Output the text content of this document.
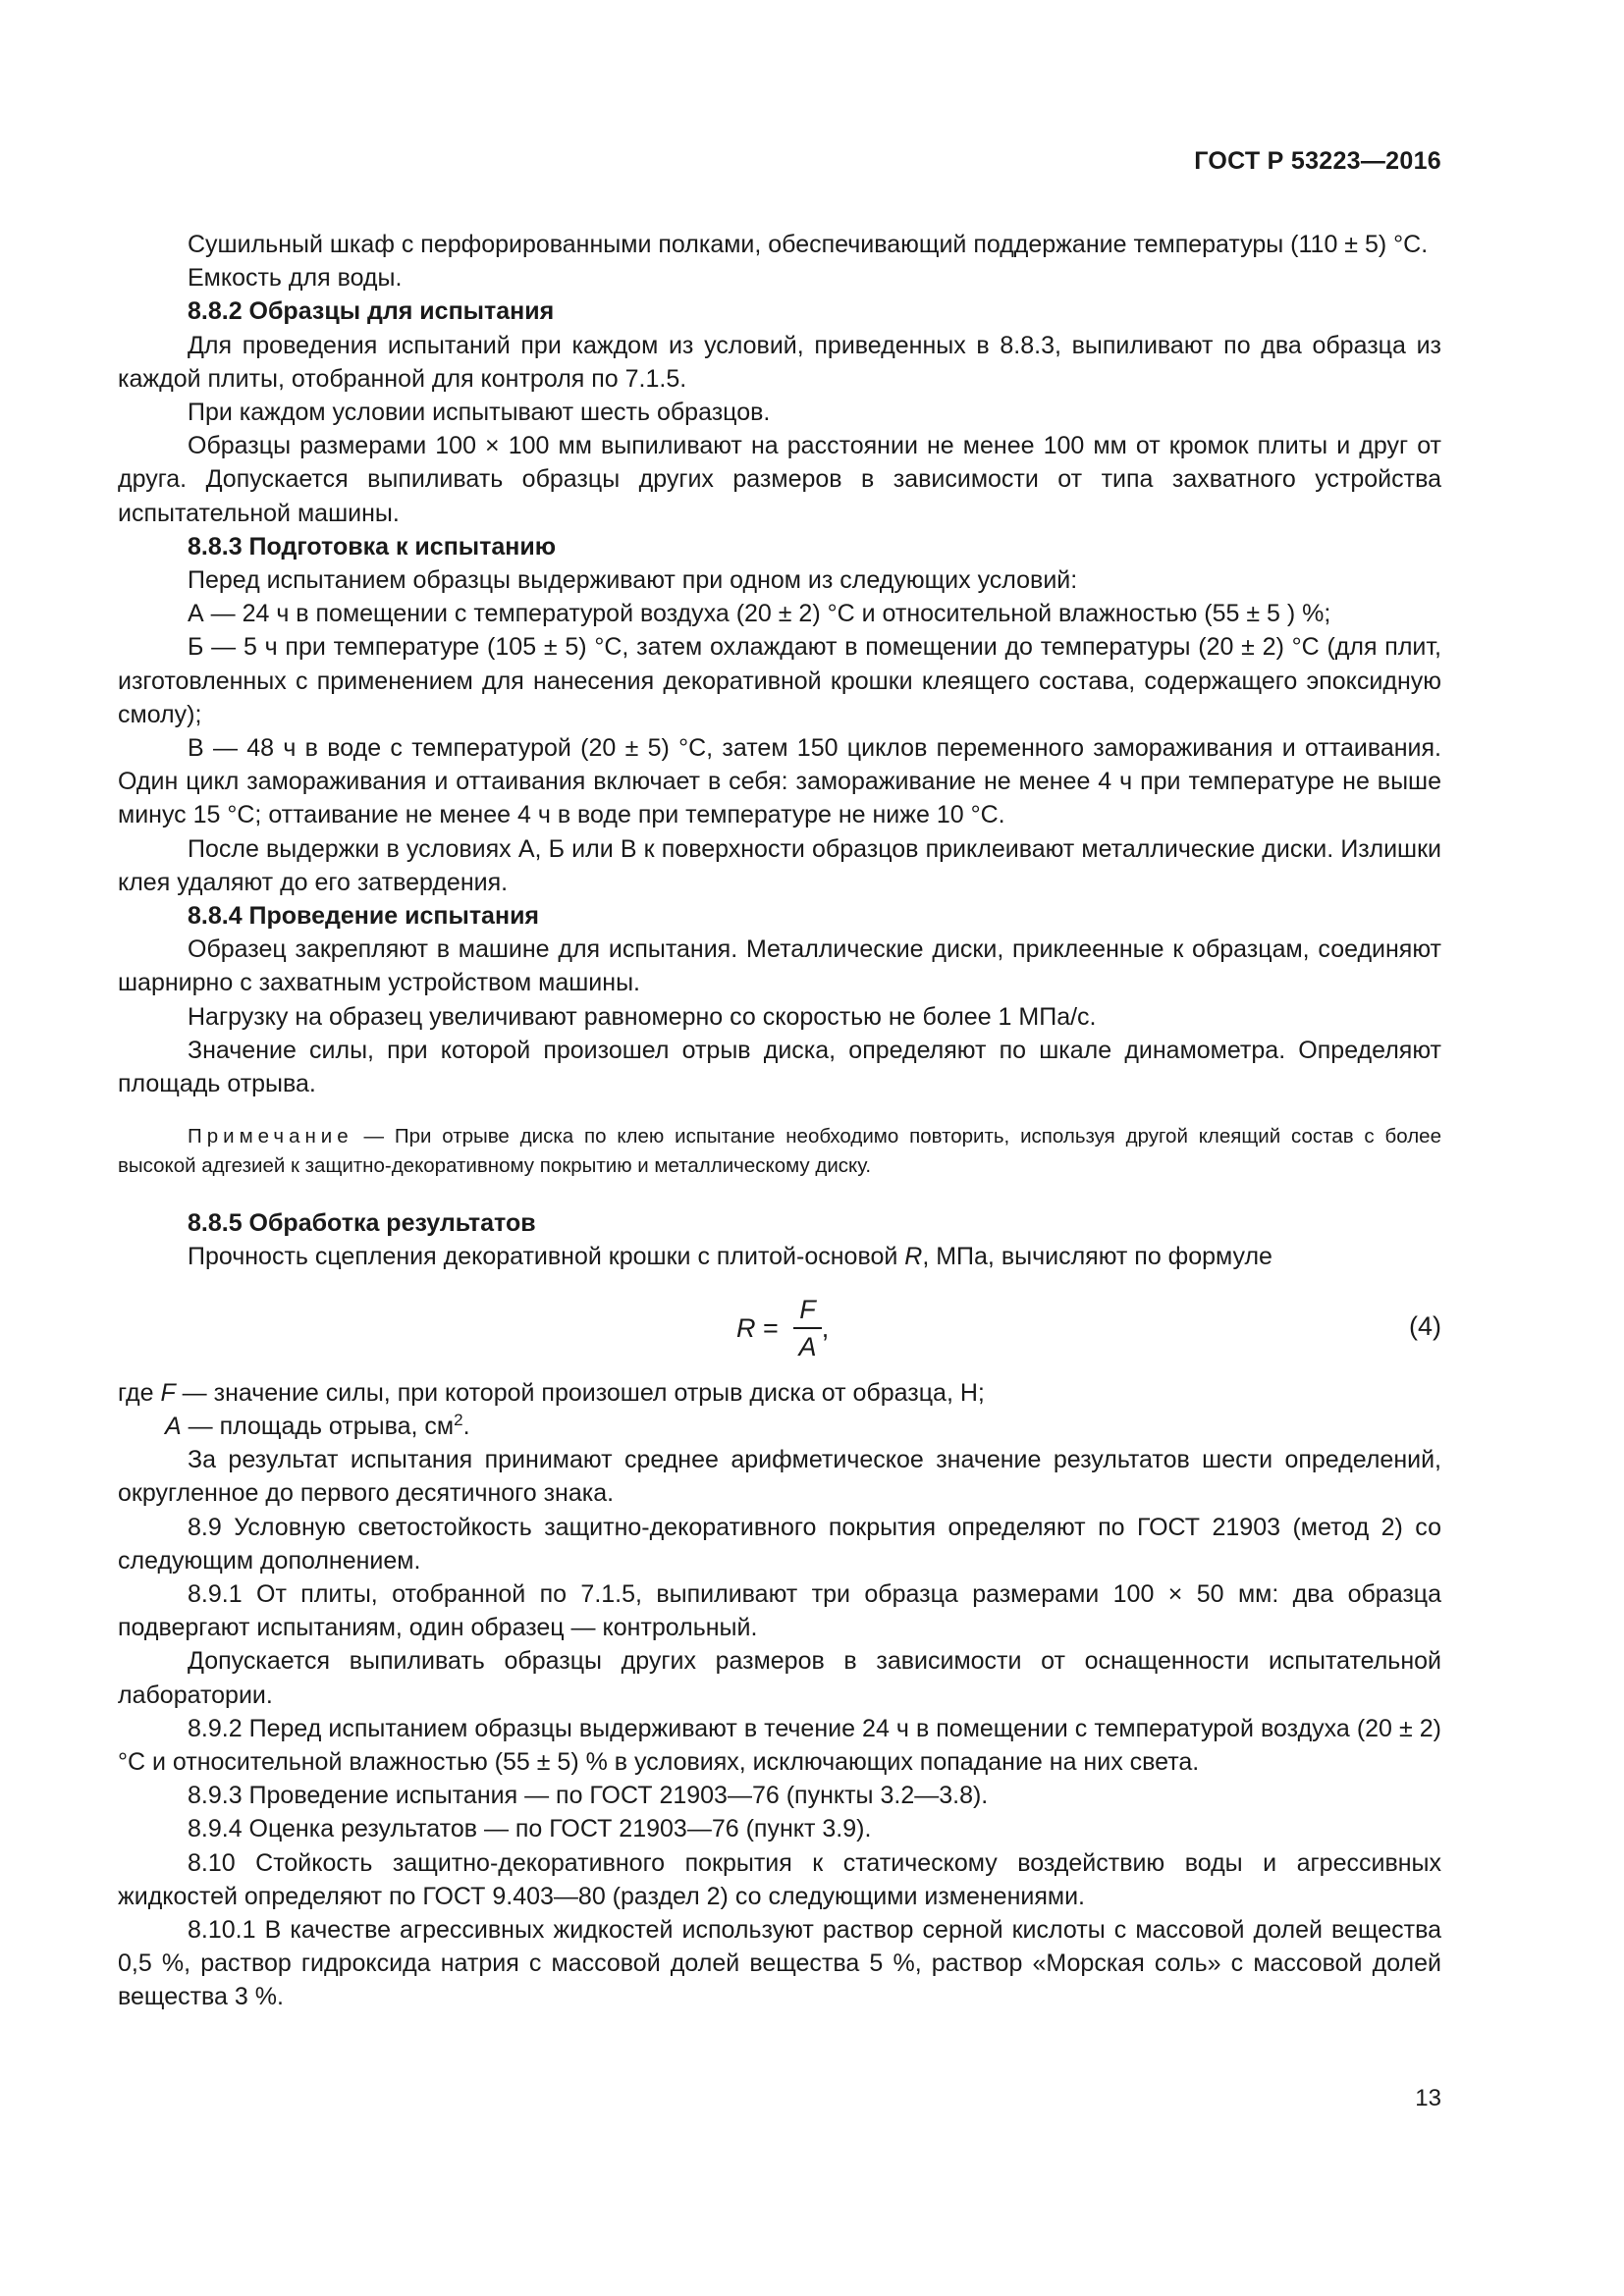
ГОСТ Р 53223—2016

Сушильный шкаф с перфорированными полками, обеспечивающий поддержание температуры (110 ± 5) °С.

Емкость для воды.

8.8.2 Образцы для испытания

Для проведения испытаний при каждом из условий, приведенных в 8.8.3, выпиливают по два образца из каждой плиты, отобранной для контроля по 7.1.5.

При каждом условии испытывают шесть образцов.

Образцы размерами 100 × 100 мм выпиливают на расстоянии не менее 100 мм от кромок плиты и друг от друга. Допускается выпиливать образцы других размеров в зависимости от типа захватного устройства испытательной машины.

8.8.3 Подготовка к испытанию

Перед испытанием образцы выдерживают при одном из следующих условий:

А — 24 ч в помещении с температурой воздуха (20 ± 2) °С и относительной влажностью (55 ± 5 ) %;

Б — 5 ч при температуре (105 ± 5) °С, затем охлаждают в помещении до температуры (20 ± 2) °С (для плит, изготовленных с применением для нанесения декоративной крошки клеящего состава, содержащего эпоксидную смолу);

В — 48 ч в воде с температурой (20 ± 5) °С, затем 150 циклов переменного замораживания и оттаивания. Один цикл замораживания и оттаивания включает в себя: замораживание не менее 4 ч при температуре не выше минус 15 °С; оттаивание не менее 4 ч в воде при температуре не ниже 10 °С.

После выдержки в условиях А, Б или В к поверхности образцов приклеивают металлические диски. Излишки клея удаляют до его затвердения.

8.8.4 Проведение испытания

Образец закрепляют в машине для испытания. Металлические диски, приклеенные к образцам, соединяют шарнирно с захватным устройством машины.

Нагрузку на образец увеличивают равномерно со скоростью не более 1 МПа/с.

Значение силы, при которой произошел отрыв диска, определяют по шкале динамометра. Определяют площадь отрыва.

Примечание — При отрыве диска по клею испытание необходимо повторить, используя другой клеящий состав с более высокой адгезией к защитно-декоративному покрытию и металлическому диску.

8.8.5 Обработка результатов

Прочность сцепления декоративной крошки с плитой-основой R, МПа, вычисляют по формуле

$R = \frac{F}{A}$ ,	(4)

где F — значение силы, при которой произошел отрыв диска от образца, Н;

A — площадь отрыва, $см^2$.

За результат испытания принимают среднее арифметическое значение результатов шести определений, округленное до первого десятичного знака.

8.9 Условную светостойкость защитно-декоративного покрытия определяют по ГОСТ 21903 (метод 2) со следующим дополнением.

8.9.1 От плиты, отобранной по 7.1.5, выпиливают три образца размерами 100 × 50 мм: два образца подвергают испытаниям, один образец — контрольный.

Допускается выпиливать образцы других размеров в зависимости от оснащенности испытательной лаборатории.

8.9.2 Перед испытанием образцы выдерживают в течение 24 ч в помещении с температурой воздуха (20 ± 2) °С и относительной влажностью (55 ± 5) % в условиях, исключающих попадание на них света.

8.9.3 Проведение испытания — по ГОСТ 21903—76 (пункты 3.2—3.8).

8.9.4 Оценка результатов — по ГОСТ 21903—76 (пункт 3.9).

8.10 Стойкость защитно-декоративного покрытия к статическому воздействию воды и агрессивных жидкостей определяют по ГОСТ 9.403—80 (раздел 2) со следующими изменениями.

8.10.1 В качестве агрессивных жидкостей используют раствор серной кислоты с массовой долей вещества 0,5 %, раствор гидроксида натрия с массовой долей вещества 5 %, раствор «Морская соль» с массовой долей вещества 3 %.

13
